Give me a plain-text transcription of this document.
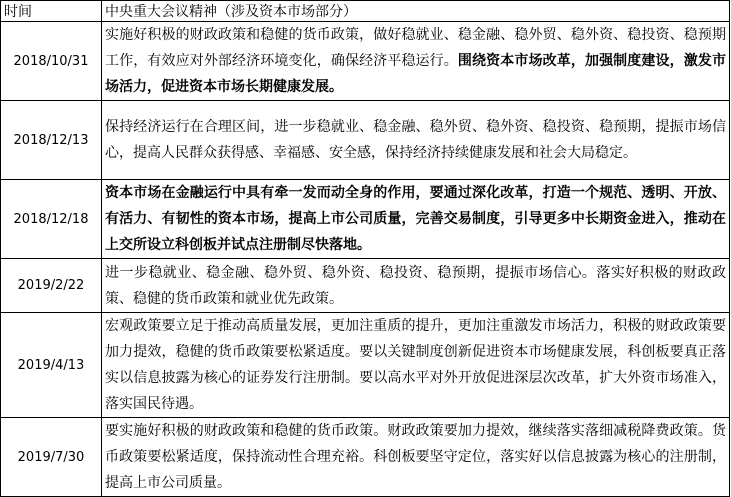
时间	中央重大会议精神（涉及资本市场部分）
2018/10/31	实施好积极的财政政策和稳健的货币政策，做好稳就业、稳金融、稳外贸、稳外资、稳投资、稳预期工作，有效应对外部经济环境变化，确保经济平稳运行。围绕资本市场改革，加强制度建设，激发市场活力，促进资本市场长期健康发展。
2018/12/13	保持经济运行在合理区间，进一步稳就业、稳金融、稳外贸、稳外资、稳投资、稳预期，提振市场信心，提高人民群众获得感、幸福感、安全感，保持经济持续健康发展和社会大局稳定。
2018/12/18	资本市场在金融运行中具有牵一发而动全身的作用，要通过深化改革，打造一个规范、透明、开放、有活力、有韧性的资本市场，提高上市公司质量，完善交易制度，引导更多中长期资金进入，推动在上交所设立科创板并试点注册制尽快落地。
2019/2/22	进一步稳就业、稳金融、稳外贸、稳外资、稳投资、稳预期，提振市场信心。落实好积极的财政政策、稳健的货币政策和就业优先政策。
2019/4/13	宏观政策要立足于推动高质量发展，更加注重质的提升，更加注重激发市场活力，积极的财政政策要加力提效，稳健的货币政策要松紧适度。要以关键制度创新促进资本市场健康发展，科创板要真正落实以信息披露为核心的证券发行注册制。要以高水平对外开放促进深层次改革，扩大外资市场准入，落实国民待遇。
2019/7/30	要实施好积极的财政政策和稳健的货币政策。财政政策要加力提效，继续落实落细减税降费政策。货币政策要松紧适度，保持流动性合理充裕。科创板要坚守定位，落实好以信息披露为核心的注册制，提高上市公司质量。
